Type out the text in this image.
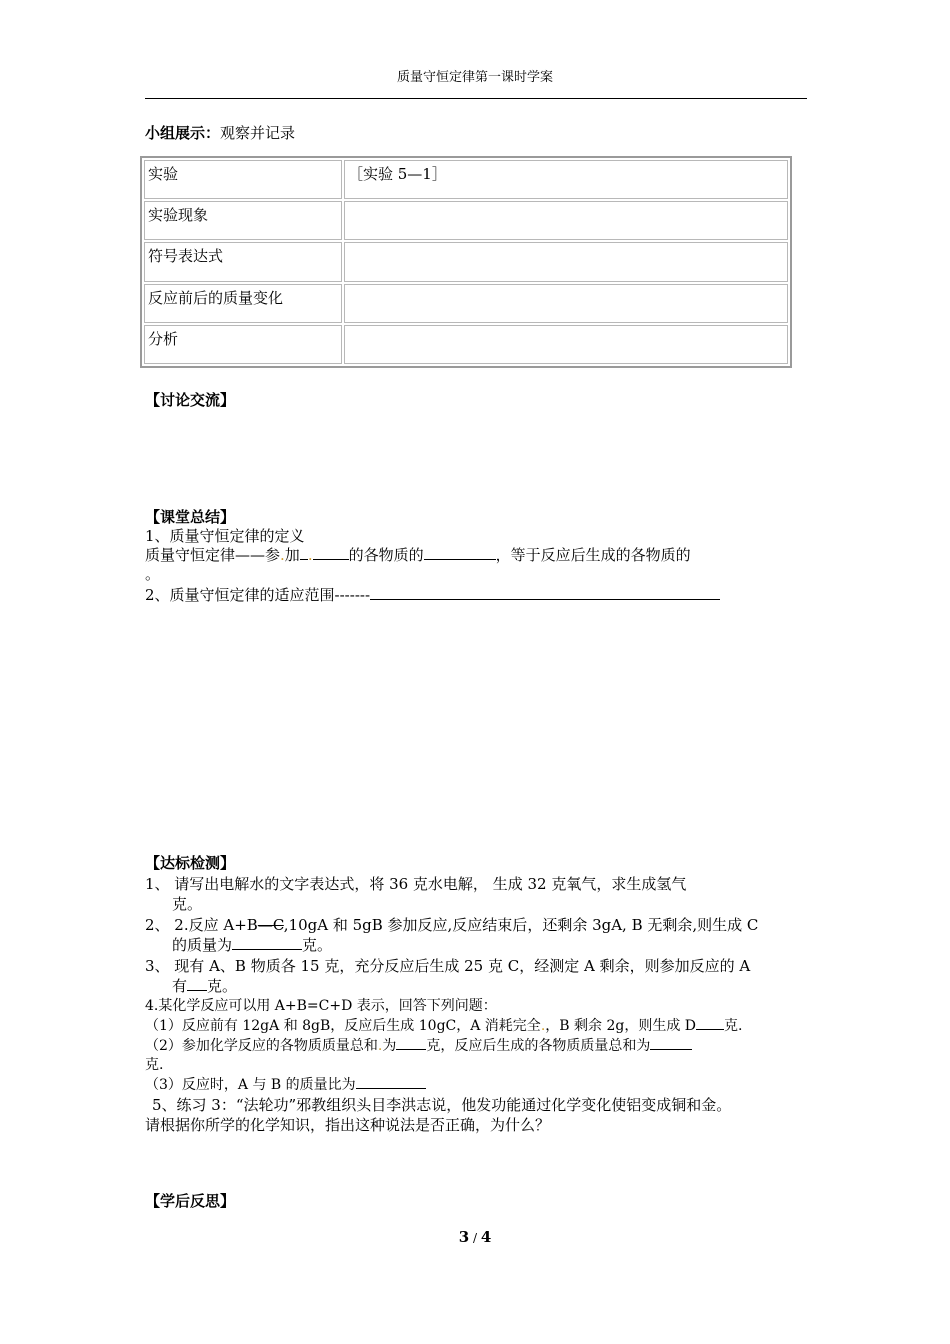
质量守恒定律第一课时学案
小组展示：观察并记录
实验	［实验 5—1］
实验现象	
符号表达式	
反应前后的质量变化	
分析	
【讨论交流】
【课堂总结】
1、质量守恒定律的定义
质量守恒定律——参.加 . 的各物质的	，等于反应后生成的各物质的
。
2、质量守恒定律的适应范围-------
【达标检测】
1、 请写出电解水的文字表达式，将 36 克水电解， 生成 32 克氧气，求生成氢气
克。
2、 2.反应 A+B—C,10gA 和 5gB 参加反应,反应结束后，还剩余 3gA, B 无剩余,则生成 C
的质量为	克。
3、 现有 A、B 物质各 15 克，充分反应后生成 25 克 C，经测定 A 剩余，则参加反应的 A
有 克。
4.某化学反应可以用 A+B=C+D 表示，回答下列问题：
（1）反应前有 12gA 和 8gB，反应后生成 10gC，A 消耗完全.，B 剩余 2g，则生成 D 克.
（2）参加化学反应的各物质质量总和.为 克，反应后生成的各物质质量总和为
克.
（3）反应时，A 与 B 的质量比为
5、练习 3：“法轮功”邪教组织头目李洪志说，他发功能通过化学变化使铝变成铜和金。
请根据你所学的化学知识，指出这种说法是否正确，为什么？
【学后反思】
3 / 4
